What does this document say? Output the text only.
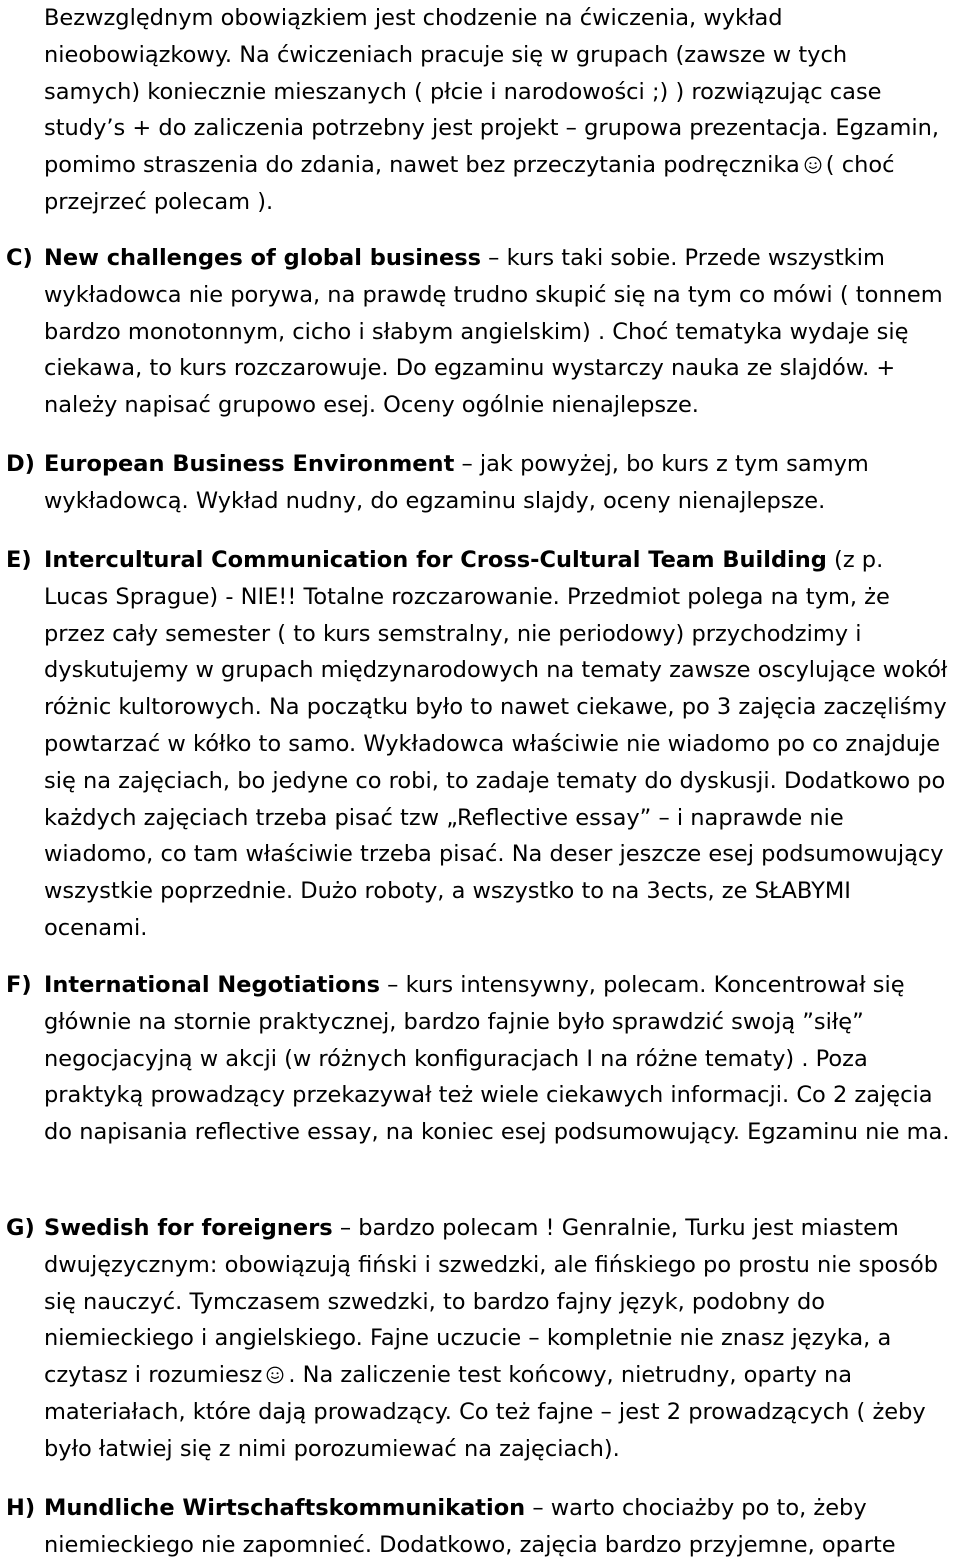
Bezwzględnym obowiązkiem jest chodzenie na ćwiczenia, wykład nieobowiązkowy. Na ćwiczeniach pracuje się w grupach (zawsze w tych samych) koniecznie mieszanych ( płcie i narodowości ;) ) rozwiązując case study’s + do zaliczenia potrzebny jest projekt – grupowa prezentacja. Egzamin, pomimo straszenia do zdania, nawet bez przeczytania podręcznika ( choć przejrzeć polecam ).

C) New challenges of global business – kurs taki sobie. Przede wszystkim wykładowca nie porywa, na prawdę trudno skupić się na tym co mówi ( tonnem bardzo monotonnym, cicho i słabym angielskim) . Choć tematyka wydaje się ciekawa, to kurs rozczarowuje. Do egzaminu wystarczy nauka ze slajdów. + należy napisać grupowo esej. Oceny ogólnie nienajlepsze.

D) European Business Environment – jak powyżej, bo kurs z tym samym wykładowcą. Wykład nudny, do egzaminu slajdy, oceny nienajlepsze.

E) Intercultural Communication for Cross-Cultural Team Building (z p. Lucas Sprague) - NIE!! Totalne rozczarowanie. Przedmiot polega na tym, że przez cały semester ( to kurs semstralny, nie periodowy) przychodzimy i dyskutujemy w grupach międzynarodowych na tematy zawsze oscylujące wokół różnic kultorowych. Na początku było to nawet ciekawe, po 3 zajęcia zaczęliśmy powtarzać w kółko to samo. Wykładowca właściwie nie wiadomo po co znajduje się na zajęciach, bo jedyne co robi, to zadaje tematy do dyskusji. Dodatkowo po każdych zajęciach trzeba pisać tzw „Reflective essay” – i naprawde nie wiadomo, co tam właściwie trzeba pisać. Na deser jeszcze esej podsumowujący wszystkie poprzednie. Dużo roboty, a wszystko to na 3ects, ze SŁABYMI ocenami.

F) International Negotiations – kurs intensywny, polecam. Koncentrował się głównie na stornie praktycznej, bardzo fajnie było sprawdzić swoją ”siłę” negocjacyjną w akcji (w różnych konfiguracjach I na różne tematy) . Poza praktyką prowadzący przekazywał też wiele ciekawych informacji. Co 2 zajęcia do napisania reflective essay, na koniec esej podsumowujący. Egzaminu nie ma.

G) Swedish for foreigners – bardzo polecam ! Genralnie, Turku jest miastem dwujęzycznym: obowiązują fiński i szwedzki, ale fińskiego po prostu nie sposób się nauczyć. Tymczasem szwedzki, to bardzo fajny język, podobny do niemieckiego i angielskiego. Fajne uczucie – kompletnie nie znasz języka, a czytasz i rozumiesz . Na zaliczenie test końcowy, nietrudny, oparty na materiałach, które dają prowadzący. Co też fajne – jest 2 prowadzących ( żeby było łatwiej się z nimi porozumiewać na zajęciach).

H) Mundliche Wirtschaftskommunikation – warto chociażby po to, żeby niemieckiego nie zapomnieć. Dodatkowo, zajęcia bardzo przyjemne, oparte
